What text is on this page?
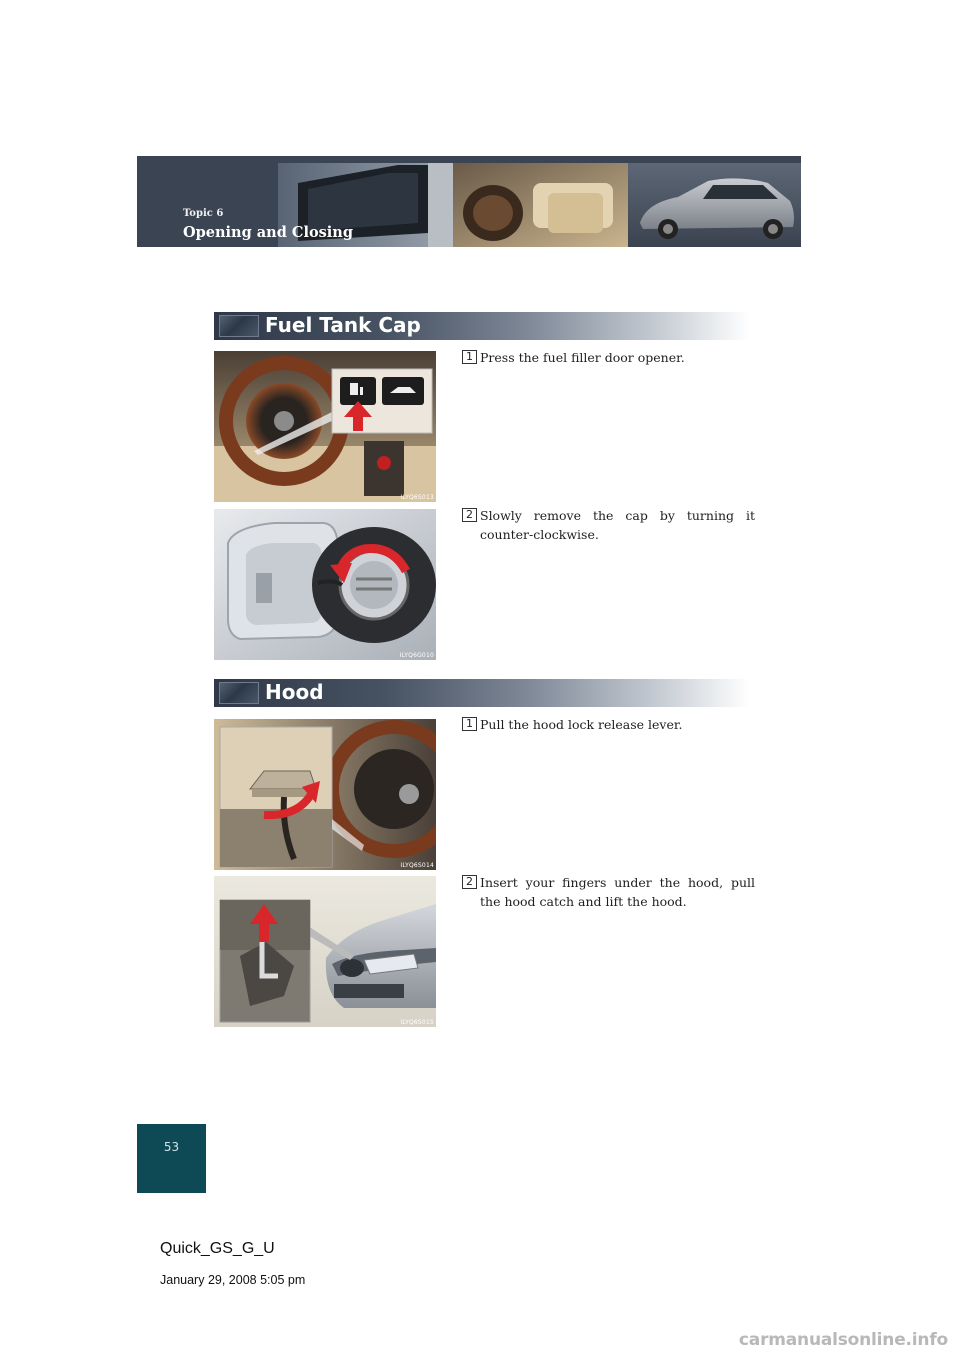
Topic 6
Opening and Closing
Fuel Tank Cap
ILYQ6S013
1 Press the fuel filler door opener.
ILYQ6G010
2 Slowly remove the cap by turning it counter-clockwise.
Hood
ILYQ6S014
1 Pull the hood lock release lever.
ILYQ6S015
2 Insert your fingers under the hood, pull the hood catch and lift the hood.
53
Quick_GS_G_U
January 29, 2008 5:05 pm
carmanualsonline.info
